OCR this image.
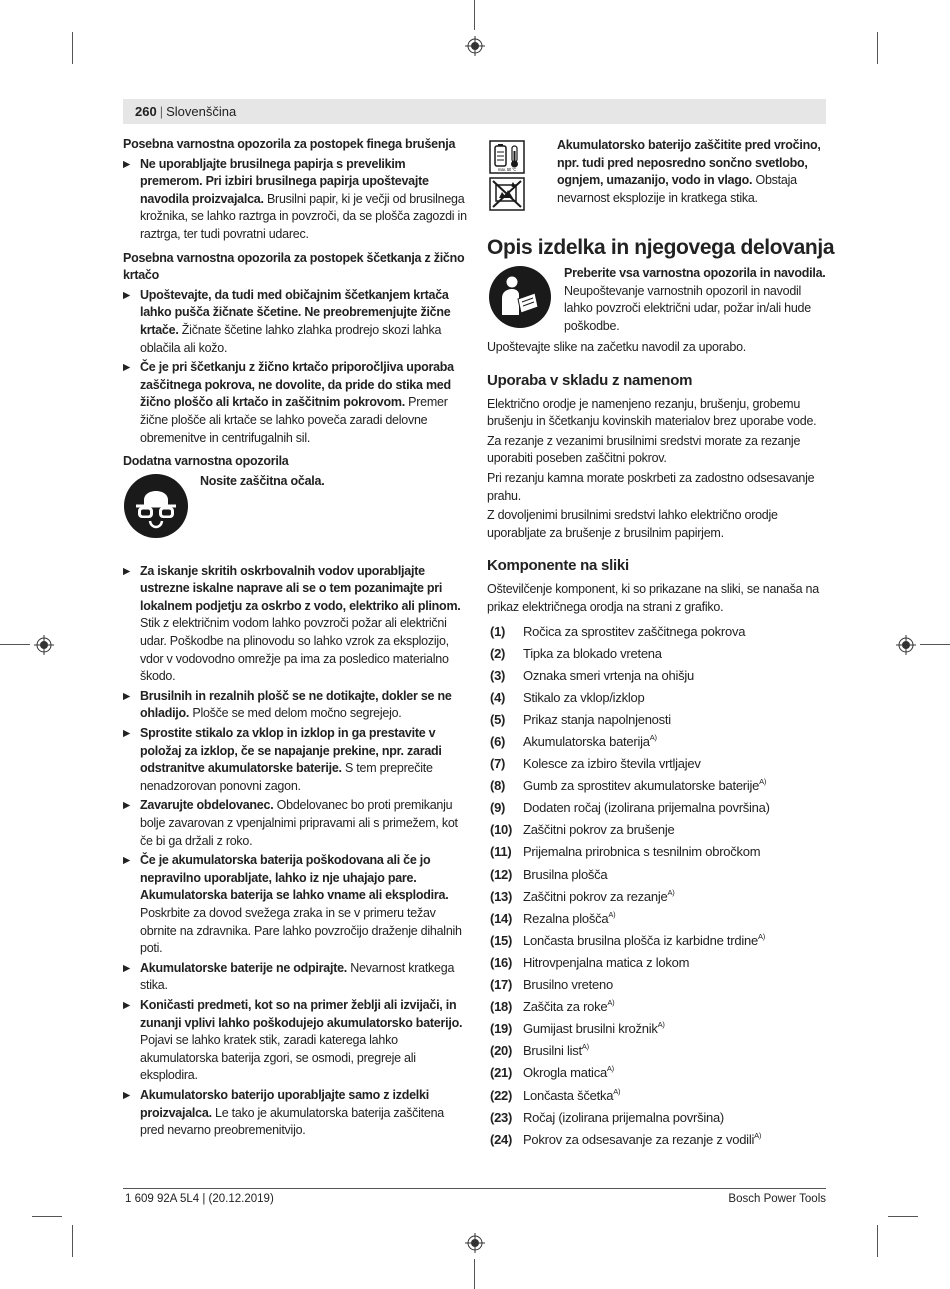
260 | Slovenščina
Posebna varnostna opozorila za postopek finega brušenja
▶ Ne uporabljajte brusilnega papirja s prevelikim premerom. Pri izbiri brusilnega papirja upoštevajte navodila proizvajalca. Brusilni papir, ki je večji od brusilnega krožnika, se lahko raztrga in povzroči, da se plošča zagozdi in raztrga, ter tudi povratni udarec.
Posebna varnostna opozorila za postopek ščetkanja z žično krtačo
▶ Upoštevajte, da tudi med običajnim ščetkanjem krtača lahko pušča žičnate ščetine. Ne preobremenjujte žične krtače. Žičnate ščetine lahko zlahka prodrejo skozi lahka oblačila ali kožo.
▶ Če je pri ščetkanju z žično krtačo priporočljiva uporaba zaščitnega pokrova, ne dovolite, da pride do stika med žično ploščo ali krtačo in zaščitnim pokrovom. Premer žične plošče ali krtače se lahko poveča zaradi delovne obremenitve in centrifugalnih sil.
Dodatna varnostna opozorila
Nosite zaščitna očala.
▶ Za iskanje skritih oskrbovalnih vodov uporabljajte ustrezne iskalne naprave ali se o tem pozanimajte pri lokalnem podjetju za oskrbo z vodo, elektriko ali plinom. Stik z električnim vodom lahko povzroči požar ali električni udar. Poškodbe na plinovodu so lahko vzrok za eksplozijo, vdor v vodovodno omrežje pa ima za posledico materialno škodo.
▶ Brusilnih in rezalnih plošč se ne dotikajte, dokler se ne ohladijo. Plošče se med delom močno segrejejo.
▶ Sprostite stikalo za vklop in izklop in ga prestavite v položaj za izklop, če se napajanje prekine, npr. zaradi odstranitve akumulatorske baterije. S tem preprečite nenadzorovan ponovni zagon.
▶ Zavarujte obdelovanec. Obdelovanec bo proti premikanju bolje zavarovan z vpenjalnimi pripravami ali s primežem, kot če bi ga držali z roko.
▶ Če je akumulatorska baterija poškodovana ali če jo nepravilno uporabljate, lahko iz nje uhajajo pare. Akumulatorska baterija se lahko vname ali eksplodira. Poskrbite za dovod svežega zraka in se v primeru težav obrnite na zdravnika. Pare lahko povzročijo draženje dihalnih poti.
▶ Akumulatorske baterije ne odpirajte. Nevarnost kratkega stika.
▶ Koničasti predmeti, kot so na primer žeblji ali izvijači, in zunanji vplivi lahko poškodujejo akumulatorsko baterijo. Pojavi se lahko kratek stik, zaradi katerega lahko akumulatorska baterija zgori, se osmodi, pregreje ali eksplodira.
▶ Akumulatorsko baterijo uporabljajte samo z izdelki proizvajalca. Le tako je akumulatorska baterija zaščitena pred nevarno preobremenitvijo.
max. 50 °C
Akumulatorsko baterijo zaščitite pred vročino, npr. tudi pred neposredno sončno svetlobo, ognjem, umazanijo, vodo in vlago. Obstaja nevarnost eksplozije in kratkega stika.
Opis izdelka in njegovega delovanja
Preberite vsa varnostna opozorila in navodila. Neupoštevanje varnostnih opozoril in navodil lahko povzroči električni udar, požar in/ali hude poškodbe.
Upoštevajte slike na začetku navodil za uporabo.
Uporaba v skladu z namenom
Električno orodje je namenjeno rezanju, brušenju, grobemu brušenju in ščetkanju kovinskih materialov brez uporabe vode.
Za rezanje z vezanimi brusilnimi sredstvi morate za rezanje uporabiti poseben zaščitni pokrov.
Pri rezanju kamna morate poskrbeti za zadostno odsesavanje prahu.
Z dovoljenimi brusilnimi sredstvi lahko električno orodje uporabljate za brušenje z brusilnim papirjem.
Komponente na sliki
Oštevilčenje komponent, ki so prikazane na sliki, se nanaša na prikaz električnega orodja na strani z grafiko.
(1) Ročica za sprostitev zaščitnega pokrova
(2) Tipka za blokado vretena
(3) Oznaka smeri vrtenja na ohišju
(4) Stikalo za vklop/izklop
(5) Prikaz stanja napolnjenosti
(6) Akumulatorska baterija$^{A)}$
(7) Kolesce za izbiro števila vrtljajev
(8) Gumb za sprostitev akumulatorske baterije$^{A)}$
(9) Dodaten ročaj (izolirana prijemalna površina)
(10) Zaščitni pokrov za brušenje
(11) Prijemalna prirobnica s tesnilnim obročkom
(12) Brusilna plošča
(13) Zaščitni pokrov za rezanje$^{A)}$
(14) Rezalna plošča$^{A)}$
(15) Lončasta brusilna plošča iz karbidne trdine$^{A)}$
(16) Hitrovpenjalna matica z lokom
(17) Brusilno vreteno
(18) Zaščita za roke$^{A)}$
(19) Gumijast brusilni krožnik$^{A)}$
(20) Brusilni list$^{A)}$
(21) Okrogla matica$^{A)}$
(22) Lončasta ščetka$^{A)}$
(23) Ročaj (izolirana prijemalna površina)
(24) Pokrov za odsesavanje za rezanje z vodili$^{A)}$
1 609 92A 5L4 | (20.12.2019)	Bosch Power Tools
